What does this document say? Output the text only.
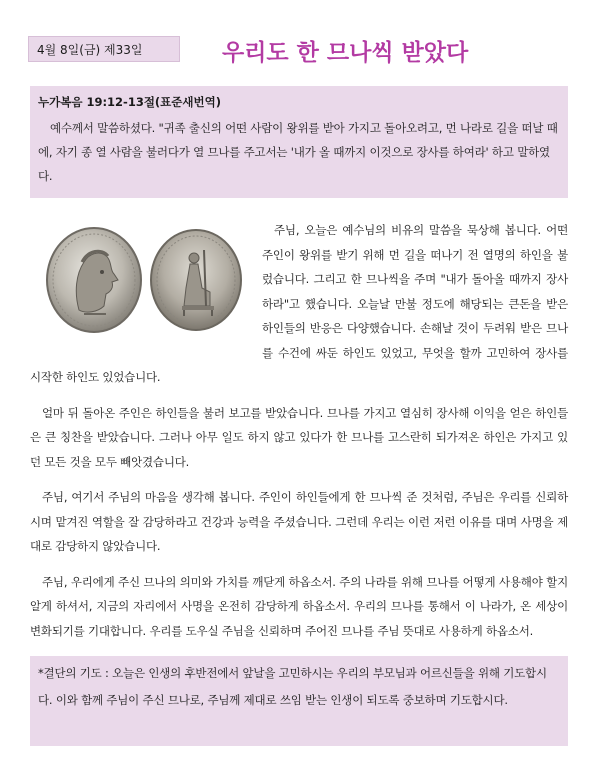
4월 8일(금) 제33일	우리도 한 므나씩 받았다

누가복음 19:12-13절(표준새번역)

예수께서 말씀하셨다. "귀족 출신의 어떤 사람이 왕위를 받아 가지고 돌아오려고, 먼 나라로 길을 떠날 때에, 자기 종 열 사람을 불러다가 열 므나를 주고서는 '내가 올 때까지 이것으로 장사를 하여라' 하고 말하였다.

주님, 오늘은 예수님의 비유의 말씀을 묵상해 봅니다. 어떤 주인이 왕위를 받기 위해 먼 길을 떠나기 전 열명의 하인을 불렀습니다. 그리고 한 므나씩을 주며 "내가 돌아올 때까지 장사하라"고 했습니다. 오늘날 만불 정도에 해당되는 큰돈을 받은 하인들의 반응은 다양했습니다. 손해날 것이 두려워 받은 므나를 수건에 싸둔 하인도 있었고, 무엇을 할까 고민하여 장사를 시작한 하인도 있었습니다.

얼마 뒤 돌아온 주인은 하인들을 불러 보고를 받았습니다. 므나를 가지고 열심히 장사해 이익을 얻은 하인들은 큰 칭찬을 받았습니다. 그러나 아무 일도 하지 않고 있다가 한 므나를 고스란히 되가져온 하인은 가지고 있던 모든 것을 모두 빼앗겼습니다.

주님, 여기서 주님의 마음을 생각해 봅니다. 주인이 하인들에게 한 므나씩 준 것처럼, 주님은 우리를 신뢰하시며 맡겨진 역할을 잘 감당하라고 건강과 능력을 주셨습니다. 그런데 우리는 이런 저런 이유를 대며 사명을 제대로 감당하지 않았습니다.

주님, 우리에게 주신 므나의 의미와 가치를 깨닫게 하옵소서. 주의 나라를 위해 므나를 어떻게 사용해야 할지 알게 하셔서, 지금의 자리에서 사명을 온전히 감당하게 하옵소서. 우리의 므나를 통해서 이 나라가, 온 세상이 변화되기를 기대합니다. 우리를 도우실 주님을 신뢰하며 주어진 므나를 주님 뜻대로 사용하게 하옵소서.

*결단의 기도 : 오늘은 인생의 후반전에서 앞날을 고민하시는 우리의 부모님과 어르신들을 위해 기도합시다. 이와 함께 주님이 주신 므나로, 주님께 제대로 쓰임 받는 인생이 되도록 중보하며 기도합시다.
